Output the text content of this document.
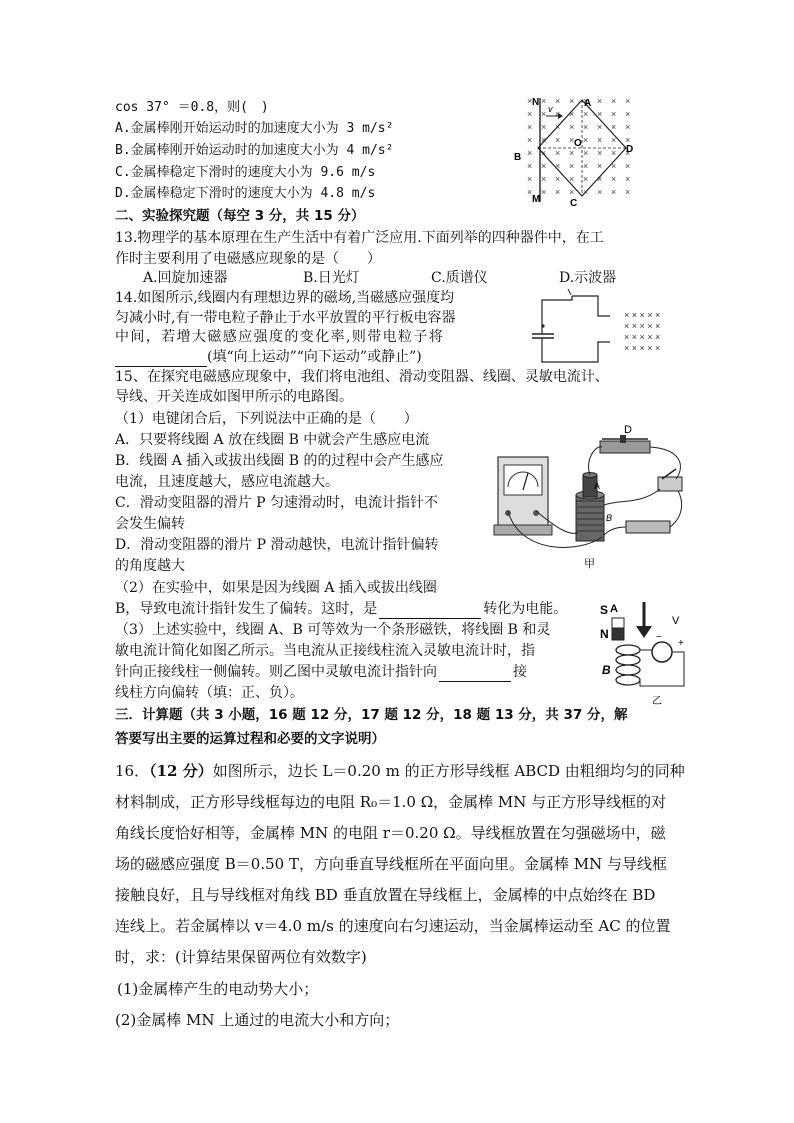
cos 37° ＝0.8，则(　)
A.金属棒刚开始运动时的加速度大小为 3 m/s²
B.金属棒刚开始运动时的加速度大小为 4 m/s²
C.金属棒稳定下滑时的速度大小为 9.6 m/s
D.金属棒稳定下滑时的速度大小为 4.8 m/s
N
M
A
B
C
D
O
v
二、实验探究题（每空 3 分，共 15 分）
13.物理学的基本原理在生产生活中有着广泛应用.下面列举的四种器件中，在工
作时主要利用了电磁感应现象的是（　　）
A.回旋加速器	B.日光灯	C.质谱仪	D.示波器
14.如图所示,线圈内有理想边界的磁场,当磁感应强度均
匀减小时,有一带电粒子静止于水平放置的平行板电容器
中间，若增大磁感应强度的变化率,则带电粒子将
(填“向上运动”“向下运动”或静止”)
× × × × ×
× × × × ×
× × × × ×
× × × × ×
15、在探究电磁感应现象中，我们将电池组、滑动变阻器、线圈、灵敏电流计、
导线、开关连成如图甲所示的电路图。
（1）电键闭合后，下列说法中正确的是（　　）
A．只要将线圈 A 放在线圈 B 中就会产生感应电流
B．线圈 A 插入或拔出线圈 B 的的过程中会产生感应
电流，且速度越大，感应电流越大。
C．滑动变阻器的滑片 P 匀速滑动时，电流计指针不
会发生偏转
D．滑动变阻器的滑片 P 滑动越快，电流计指针偏转
的角度越大
（2）在实验中，如果是因为线圈 A 插入或拔出线圈
B，导致电流计指针发生了偏转。这时，是	转化为电能。
（3）上述实验中，线圈 A、B 可等效为一个条形磁铁，将线圈 B 和灵
敏电流计简化如图乙所示。当电流从正接线柱流入灵敏电流计时，指
针向正接线柱一侧偏转。则乙图中灵敏电流计指针向	接
线柱方向偏转（填：正、负）。
D
A
B
甲
S A
N
V
−
+
B
乙
三．计算题（共 3 小题，16 题 12 分，17 题 12 分，18 题 13 分，共 37 分，解
答要写出主要的运算过程和必要的文字说明）
16．（12 分）如图所示，边长 L＝0.20 m 的正方形导线框 ABCD 由粗细均匀的同种
材料制成，正方形导线框每边的电阻 R₀＝1.0 Ω，金属棒 MN 与正方形导线框的对
角线长度恰好相等，金属棒 MN 的电阻 r＝0.20 Ω。导线框放置在匀强磁场中，磁
场的磁感应强度 B＝0.50 T，方向垂直导线框所在平面向里。金属棒 MN 与导线框
接触良好，且与导线框对角线 BD 垂直放置在导线框上，金属棒的中点始终在 BD
连线上。若金属棒以 v＝4.0 m/s 的速度向右匀速运动，当金属棒运动至 AC 的位置
时，求：(计算结果保留两位有效数字)
(1)金属棒产生的电动势大小；
(2)金属棒 MN 上通过的电流大小和方向；
